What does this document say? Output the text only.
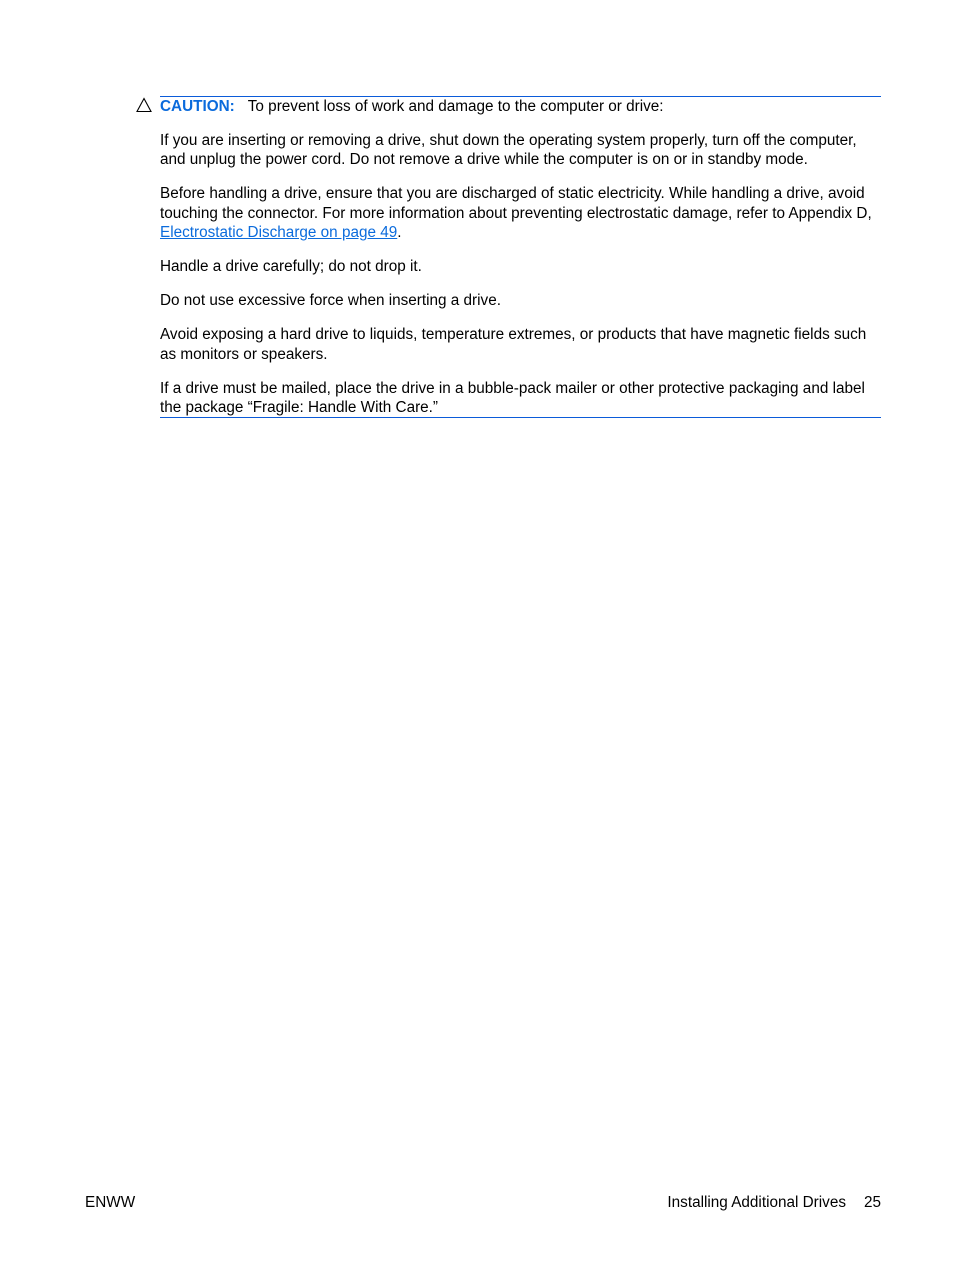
CAUTION: To prevent loss of work and damage to the computer or drive:

If you are inserting or removing a drive, shut down the operating system properly, turn off the computer, and unplug the power cord. Do not remove a drive while the computer is on or in standby mode.

Before handling a drive, ensure that you are discharged of static electricity. While handling a drive, avoid touching the connector. For more information about preventing electrostatic damage, refer to Appendix D, Electrostatic Discharge on page 49.

Handle a drive carefully; do not drop it.

Do not use excessive force when inserting a drive.

Avoid exposing a hard drive to liquids, temperature extremes, or products that have magnetic fields such as monitors or speakers.

If a drive must be mailed, place the drive in a bubble-pack mailer or other protective packaging and label the package “Fragile: Handle With Care.”

ENWW	Installing Additional Drives 25
